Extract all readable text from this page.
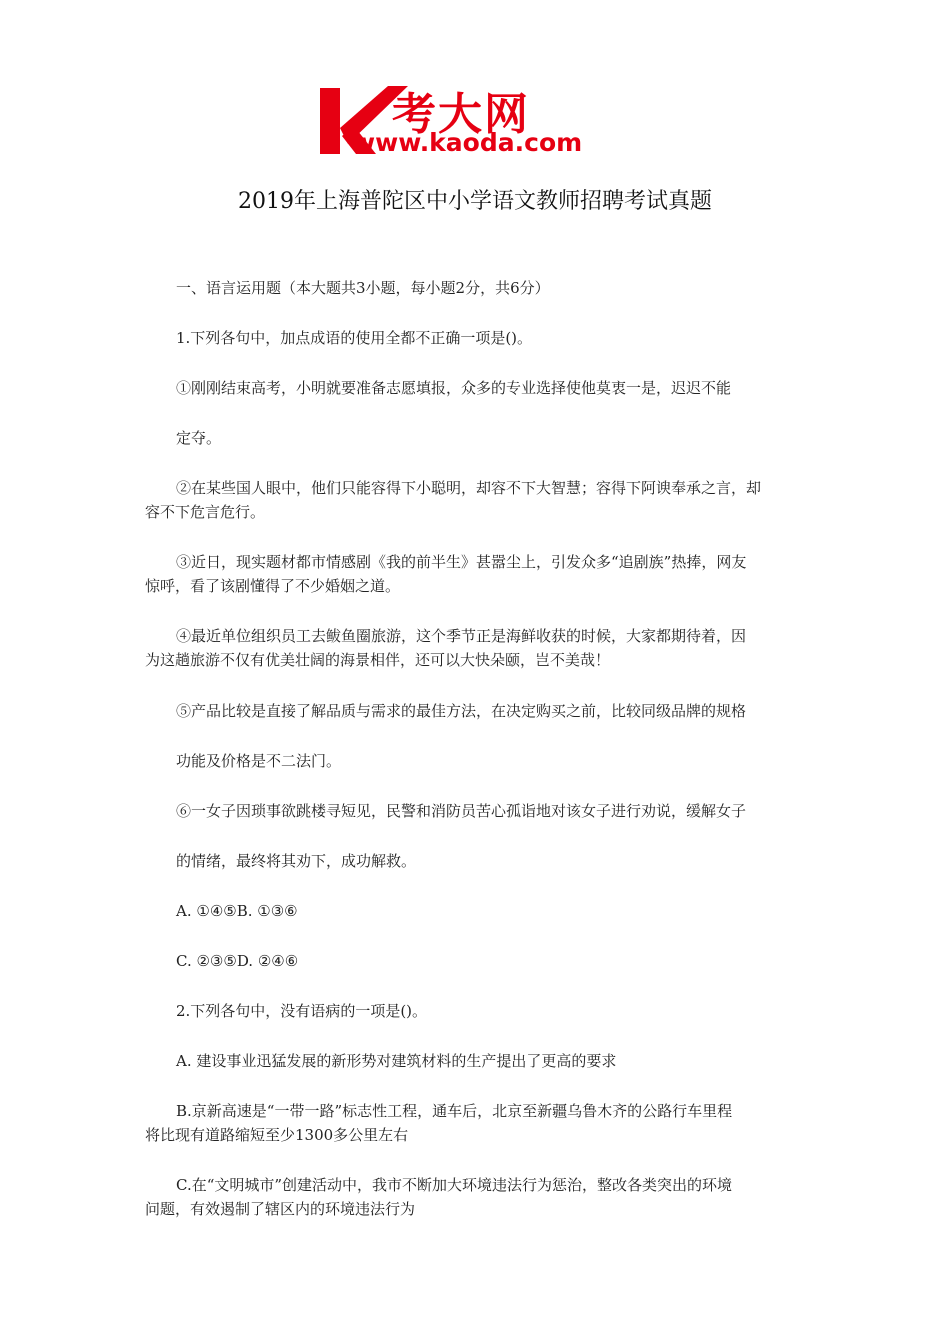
考大网
www.kaoda.com
2019年上海普陀区中小学语文教师招聘考试真题
一、语言运用题（本大题共3小题，每小题2分，共6分）
1.下列各句中，加点成语的使用全都不正确一项是()。
①刚刚结束高考，小明就要准备志愿填报，众多的专业选择使他莫衷一是，迟迟不能
定夺。
②在某些国人眼中，他们只能容得下小聪明，却容不下大智慧；容得下阿谀奉承之言，却
容不下危言危行。
③近日，现实题材都市情感剧《我的前半生》甚嚣尘上，引发众多“追剧族”热捧，网友
惊呼，看了该剧懂得了不少婚姻之道。
④最近单位组织员工去鲅鱼圈旅游，这个季节正是海鲜收获的时候，大家都期待着，因
为这趟旅游不仅有优美壮阔的海景相伴，还可以大快朵颐，岂不美哉！
⑤产品比较是直接了解品质与需求的最佳方法，在决定购买之前，比较同级品牌的规格
功能及价格是不二法门。
⑥一女子因琐事欲跳楼寻短见，民警和消防员苦心孤诣地对该女子进行劝说，缓解女子
的情绪，最终将其劝下，成功解救。
A. ①④⑤B. ①③⑥
C. ②③⑤D. ②④⑥
2.下列各句中，没有语病的一项是()。
A. 建设事业迅猛发展的新形势对建筑材料的生产提出了更高的要求
B.京新高速是“一带一路”标志性工程，通车后，北京至新疆乌鲁木齐的公路行车里程
将比现有道路缩短至少1300多公里左右
C.在“文明城市”创建活动中，我市不断加大环境违法行为惩治，整改各类突出的环境
问题，有效遏制了辖区内的环境违法行为
